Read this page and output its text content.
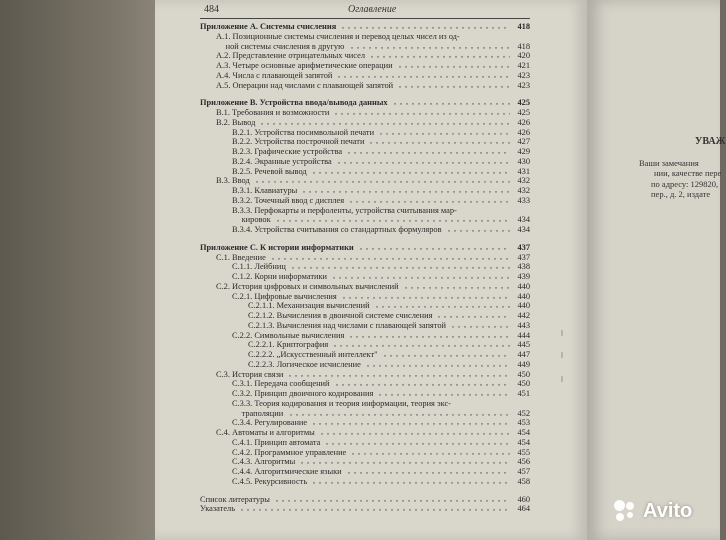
484	Оглавление
Приложение А. Системы счисления	418
А.1. Позиционные системы счисления и перевод целых чисел из од-
ной системы счисления в другую	418
А.2. Представление отрицательных чисел	420
А.3. Четыре основные арифметические операции	421
А.4. Числа с плавающей запятой	423
А.5. Операции над числами с плавающей запятой	423
Приложение В. Устройства ввода/вывода данных	425
В.1. Требования и возможности	425
В.2. Вывод	426
В.2.1. Устройства посимвольной печати	426
В.2.2. Устройства построчной печати	427
В.2.3. Графические устройства	429
В.2.4. Экранные устройства	430
В.2.5. Речевой вывод	431
В.3. Ввод	432
В.3.1. Клавиатуры	432
В.3.2. Точечный ввод с дисплея	433
В.3.3. Перфокарты и перфоленты, устройства считывания мар-
кировок	434
В.3.4. Устройства считывания со стандартных формуляров	434
Приложение С. К истории информатики	437
С.1. Введение	437
С.1.1. Лейбниц	438
С.1.2. Корни информатики	439
С.2. История цифровых и символьных вычислений	440
С.2.1. Цифровые вычисления	440
С.2.1.1. Механизация вычислений	440
С.2.1.2. Вычисления в двоичной системе счисления	442
С.2.1.3. Вычисления над числами с плавающей запятой	443
С.2.2. Символьные вычисления	444
С.2.2.1. Криптография	445
С.2.2.2. „Искусственный интеллект"	447
С.2.2.3. Логическое исчисление	449
С.3. История связи	450
С.3.1. Передача сообщений	450
С.3.2. Принцип двоичного кодирования	451
С.3.3. Теория кодирования и теория информации, теория экс-
траполяции	452
С.3.4. Регулирование	453
С.4. Автоматы и алгоритмы	454
С.4.1. Принцип автомата	454
С.4.2. Программное управление	455
С.4.3. Алгоритмы	456
С.4.4. Алгоритмические языки	457
С.4.5. Рекурсивность	458
Список литературы	460
Указатель	464
УВАЖ
Ваши замечания
нии, качестве пере
по адресу: 129820,
пер., д. 2, издате
Avito
